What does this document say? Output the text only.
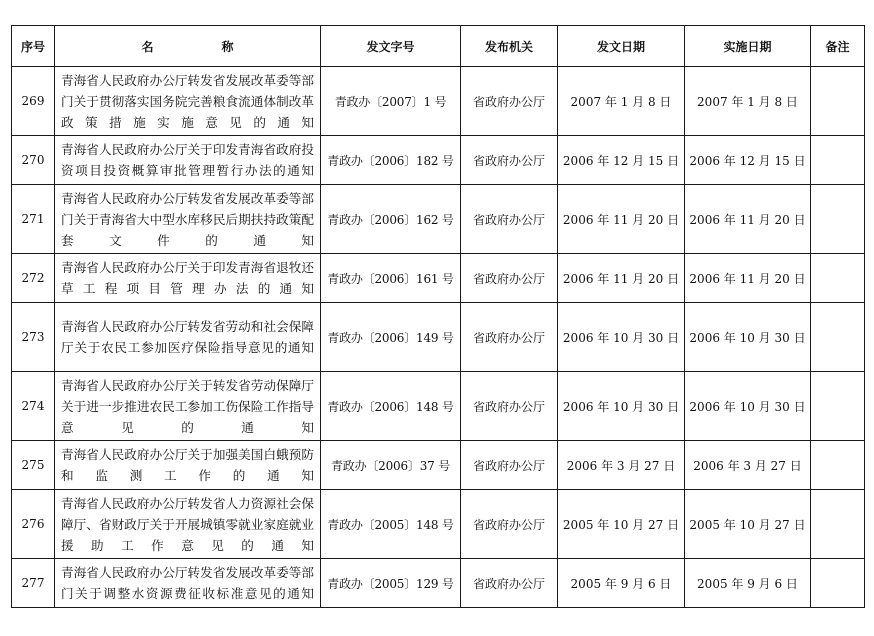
序号	名　称	发文字号	发布机关	发文日期	实施日期	备注
269	青海省人民政府办公厅转发省发展改革委等部门关于贯彻落实国务院完善粮食流通体制改革政策措施实施意见的通知	青政办〔2007〕1 号	省政府办公厅	2007 年 1 月 8 日	2007 年 1 月 8 日	
270	青海省人民政府办公厅关于印发青海省政府投资项目投资概算审批管理暂行办法的通知	青政办〔2006〕182 号	省政府办公厅	2006 年 12 月 15 日	2006 年 12 月 15 日	
271	青海省人民政府办公厅转发省发展改革委等部门关于青海省大中型水库移民后期扶持政策配套文件的通知	青政办〔2006〕162 号	省政府办公厅	2006 年 11 月 20 日	2006 年 11 月 20 日	
272	青海省人民政府办公厅关于印发青海省退牧还草工程项目管理办法的通知	青政办〔2006〕161 号	省政府办公厅	2006 年 11 月 20 日	2006 年 11 月 20 日	
273	青海省人民政府办公厅转发省劳动和社会保障厅关于农民工参加医疗保险指导意见的通知	青政办〔2006〕149 号	省政府办公厅	2006 年 10 月 30 日	2006 年 10 月 30 日	
274	青海省人民政府办公厅关于转发省劳动保障厅关于进一步推进农民工参加工伤保险工作指导意见的通知	青政办〔2006〕148 号	省政府办公厅	2006 年 10 月 30 日	2006 年 10 月 30 日	
275	青海省人民政府办公厅关于加强美国白蛾预防和监测工作的通知	青政办〔2006〕37 号	省政府办公厅	2006 年 3 月 27 日	2006 年 3 月 27 日	
276	青海省人民政府办公厅转发省人力资源社会保障厅、省财政厅关于开展城镇零就业家庭就业援助工作意见的通知	青政办〔2005〕148 号	省政府办公厅	2005 年 10 月 27 日	2005 年 10 月 27 日	
277	青海省人民政府办公厅转发省发展改革委等部门关于调整水资源费征收标准意见的通知	青政办〔2005〕129 号	省政府办公厅	2005 年 9 月 6 日	2005 年 9 月 6 日	
